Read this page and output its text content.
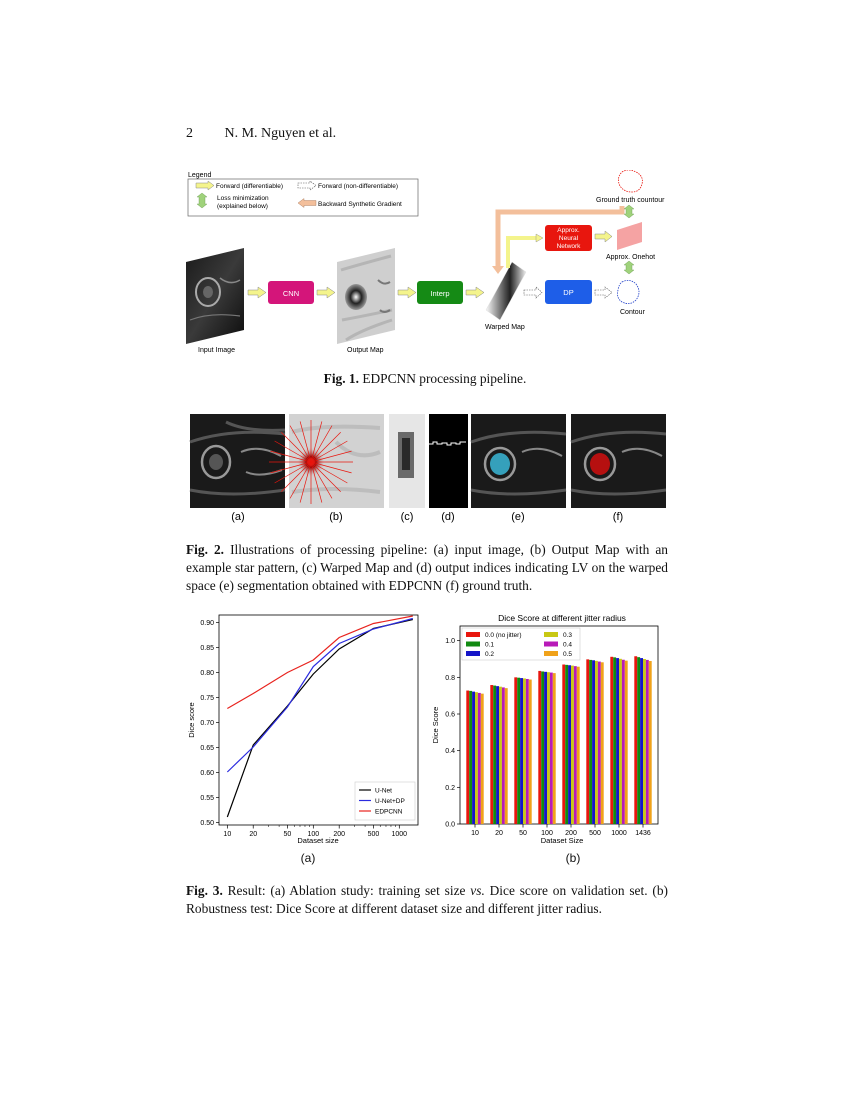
2 N. M. Nguyen et al.
Legend
Forward (differentiable)	Forward (non-differentiable)
Loss minimization
(explained below)	Backward Synthetic Gradient
Input Image
CNN
Output Map
Interp
Warped Map
Approx.
Neural
Network
Approx. Onehot
Ground truth countour
DP
Contour
Fig. 1. EDPCNN processing pipeline.
(a)	(b)	(c)	(d)	(e)	(f)
Fig. 2. Illustrations of processing pipeline: (a) input image, (b) Output Map with an example star pattern, (c) Warped Map and (d) output indices indicating LV on the warped space (e) segmentation obtained with EDPCNN (f) ground truth.
0.50
0.55
0.60
0.65
0.70
0.75
0.80
0.85
0.90
10	20	50 100 200	500 1000
Dataset size
Dice score
U-Net
U-Net+DP
EDPCNN
(a)
Dice Score at different jitter radius
0.0
0.2
0.4
0.6
0.8
1.0
10 20 50 100 200 500 1000 1436
Dataset Size
Dice Score
0.0 (no jitter)
0.1
0.2
0.3
0.4
0.5
(b)
Fig. 3. Result: (a) Ablation study: training set size vs. Dice score on validation set. (b) Robustness test: Dice Score at different dataset size and different jitter radius.
